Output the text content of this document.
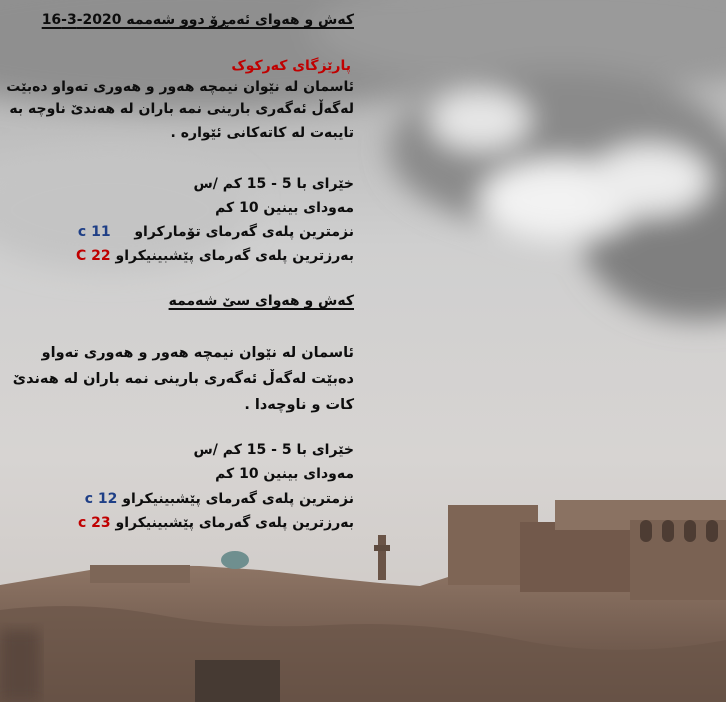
کەش و هەوای ئەمڕۆ دوو شەممە 2020-3-16
پارێزگای کەرکوک
ئاسمان لە نێوان نیمچە هەور و هەوری تەواو دەبێت
لەگەڵ ئەگەری بارینی نمە باران لە هەندێ ناوچە بە
تایبەت لە کاتەکانی ئێوارە .
خێرای با 5 - 15 کم /س
مەودای بینین 10 کم
نزمترین پلەی گەرمای تۆمارکراو  11 c
بەرزترین پلەی گەرمای پێشبینیکراو 22 C
کەش و هەوای سێ شەممە
ئاسمان لە نێوان نیمچە هەور و هەوری تەواو
دەبێت لەگەڵ ئەگەری بارینی نمە باران لە هەندێ
کات و ناوچەدا .
خێرای با 5 - 15 کم /س
مەودای بینین 10 کم
نزمترین پلەی گەرمای پێشبینیکراو 12 c
بەرزترین پلەی گەرمای پێشبینیکراو 23 c
